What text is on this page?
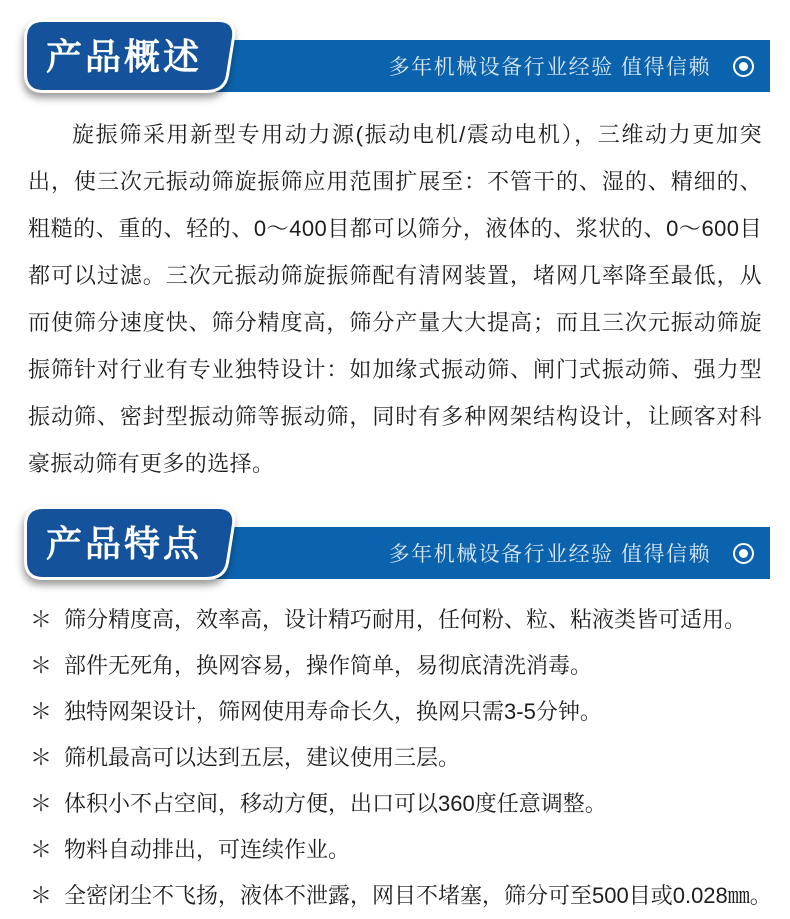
多年机械设备行业经验 值得信赖
产品概述
旋振筛采用新型专用动力源(振动电机/震动电机），三维动力更加突出，使三次元振动筛旋振筛应用范围扩展至：不管干的、湿的、精细的、粗糙的、重的、轻的、0～400目都可以筛分，液体的、浆状的、0～600目都可以过滤。三次元振动筛旋振筛配有清网装置，堵网几率降至最低，从而使筛分速度快、筛分精度高，筛分产量大大提高；而且三次元振动筛旋振筛针对行业有专业独特设计：如加缘式振动筛、闸门式振动筛、强力型振动筛、密封型振动筛等振动筛，同时有多种网架结构设计，让顾客对科豪振动筛有更多的选择。
多年机械设备行业经验 值得信赖
产品特点
＊ 筛分精度高，效率高，设计精巧耐用，任何粉、粒、粘液类皆可适用。
＊ 部件无死角，换网容易，操作简单，易彻底清洗消毒。
＊ 独特网架设计，筛网使用寿命长久，换网只需3-5分钟。
＊ 筛机最高可以达到五层，建议使用三层。
＊ 体积小不占空间，移动方便，出口可以360度任意调整。
＊ 物料自动排出，可连续作业。
＊ 全密闭尘不飞扬，液体不泄露，网目不堵塞，筛分可至500目或0.028㎜。
